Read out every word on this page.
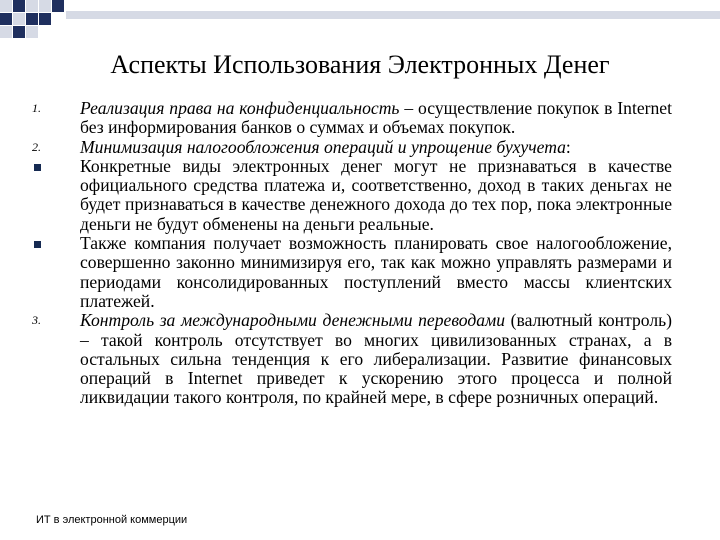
Аспекты Использования Электронных Денег
1.	Реализация права на конфиденциальность – осуществление покупок в Internet без информирования банков о суммах и объемах покупок.
2.	Минимизация налогообложения операций и упрощение бухучета:
Конкретные виды электронных денег могут не признаваться в качестве официального средства платежа и, соответственно, доход в таких деньгах не будет признаваться в качестве денежного дохода до тех пор, пока электронные деньги не будут обменены на деньги реальные.
Также компания получает возможность планировать свое налогообложение, совершенно законно минимизируя его, так как можно управлять размерами и периодами консолидированных поступлений вместо массы клиентских платежей.
3.	Контроль за международными денежными переводами (валютный контроль) – такой контроль отсутствует во многих цивилизованных странах, а в остальных сильна тенденция к его либерализации. Развитие финансовых операций в Internet приведет к ускорению этого процесса и полной ликвидации такого контроля, по крайней мере, в сфере розничных операций.
ИТ в электронной коммерции
